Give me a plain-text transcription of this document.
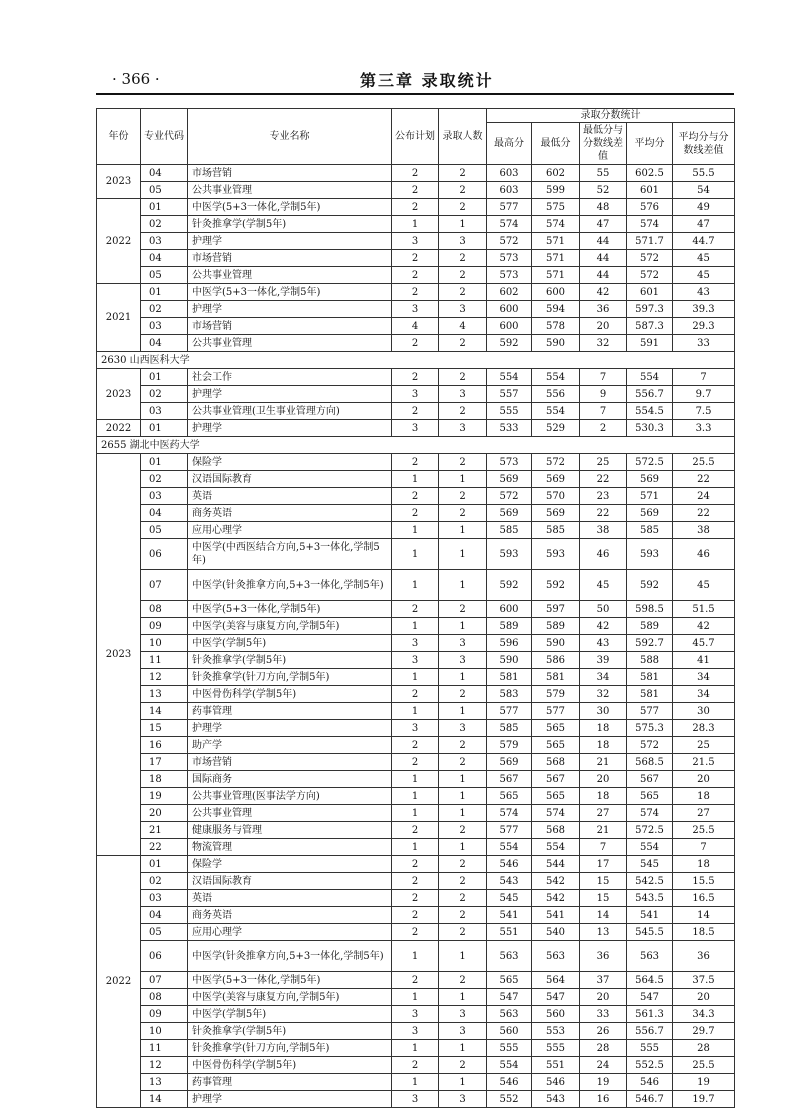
· 366 ·	第三章 录取统计
年份	专业代码	专业名称	公布计划	录取人数	录取分数统计				
					最高分	最低分	最低分与分数线差值	平均分	平均分与分数线差值
2023	04	市场营销	2	2	603	602	55	602.5	55.5
	05	公共事业管理	2	2	603	599	52	601	54
2022	01	中医学(5+3一体化,学制5年)	2	2	577	575	48	576	49
	02	针灸推拿学(学制5年)	1	1	574	574	47	574	47
	03	护理学	3	3	572	571	44	571.7	44.7
	04	市场营销	2	2	573	571	44	572	45
	05	公共事业管理	2	2	573	571	44	572	45
2021	01	中医学(5+3一体化,学制5年)	2	2	602	600	42	601	43
	02	护理学	3	3	600	594	36	597.3	39.3
	03	市场营销	4	4	600	578	20	587.3	29.3
	04	公共事业管理	2	2	592	590	32	591	33
2630 山西医科大学									
2023	01	社会工作	2	2	554	554	7	554	7
	02	护理学	3	3	557	556	9	556.7	9.7
	03	公共事业管理(卫生事业管理方向)	2	2	555	554	7	554.5	7.5
2022	01	护理学	3	3	533	529	2	530.3	3.3
2655 湖北中医药大学									
2023	01	保险学	2	2	573	572	25	572.5	25.5
	02	汉语国际教育	1	1	569	569	22	569	22
	03	英语	2	2	572	570	23	571	24
	04	商务英语	2	2	569	569	22	569	22
	05	应用心理学	1	1	585	585	38	585	38
	06	中医学(中西医结合方向,5+3一体化,学制5年)	1	1	593	593	46	593	46
	07	中医学(针灸推拿方向,5+3一体化,学制5年)	1	1	592	592	45	592	45
	08	中医学(5+3一体化,学制5年)	2	2	600	597	50	598.5	51.5
	09	中医学(美容与康复方向,学制5年)	1	1	589	589	42	589	42
	10	中医学(学制5年)	3	3	596	590	43	592.7	45.7
	11	针灸推拿学(学制5年)	3	3	590	586	39	588	41
	12	针灸推拿学(针刀方向,学制5年)	1	1	581	581	34	581	34
	13	中医骨伤科学(学制5年)	2	2	583	579	32	581	34
	14	药事管理	1	1	577	577	30	577	30
	15	护理学	3	3	585	565	18	575.3	28.3
	16	助产学	2	2	579	565	18	572	25
	17	市场营销	2	2	569	568	21	568.5	21.5
	18	国际商务	1	1	567	567	20	567	20
	19	公共事业管理(医事法学方向)	1	1	565	565	18	565	18
	20	公共事业管理	1	1	574	574	27	574	27
	21	健康服务与管理	2	2	577	568	21	572.5	25.5
	22	物流管理	1	1	554	554	7	554	7
2022	01	保险学	2	2	546	544	17	545	18
	02	汉语国际教育	2	2	543	542	15	542.5	15.5
	03	英语	2	2	545	542	15	543.5	16.5
	04	商务英语	2	2	541	541	14	541	14
	05	应用心理学	2	2	551	540	13	545.5	18.5
	06	中医学(针灸推拿方向,5+3一体化,学制5年)	1	1	563	563	36	563	36
	07	中医学(5+3一体化,学制5年)	2	2	565	564	37	564.5	37.5
	08	中医学(美容与康复方向,学制5年)	1	1	547	547	20	547	20
	09	中医学(学制5年)	3	3	563	560	33	561.3	34.3
	10	针灸推拿学(学制5年)	3	3	560	553	26	556.7	29.7
	11	针灸推拿学(针刀方向,学制5年)	1	1	555	555	28	555	28
	12	中医骨伤科学(学制5年)	2	2	554	551	24	552.5	25.5
	13	药事管理	1	1	546	546	19	546	19
	14	护理学	3	3	552	543	16	546.7	19.7
